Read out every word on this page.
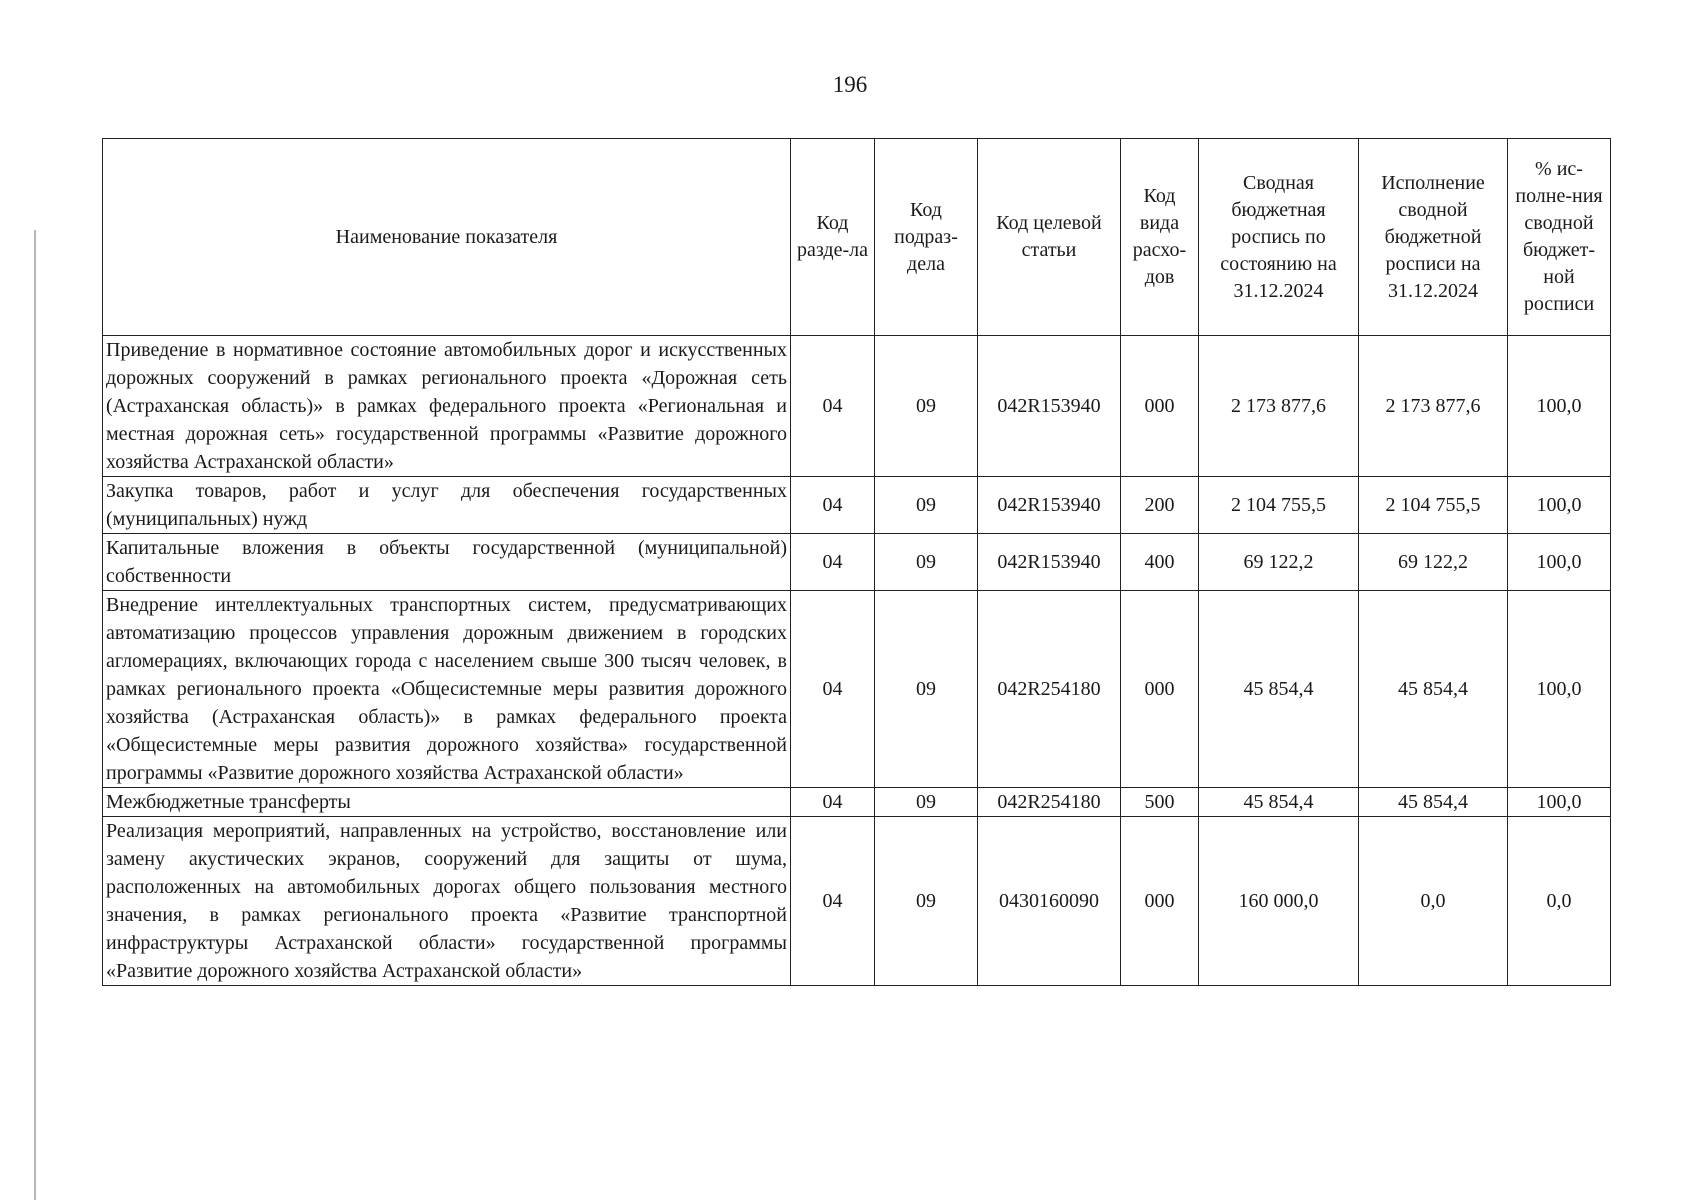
196
Наименование показателя	Код разде-ла	Код подраз-дела	Код целевой статьи	Код вида расхо-дов	Сводная бюджетная роспись по состоянию на 31.12.2024	Исполнение сводной бюджетной росписи на 31.12.2024	% ис-полне-ния сводной бюджет-ной росписи
Приведение в нормативное состояние автомобильных дорог и искусственных дорожных сооружений в рамках регионального проекта «Дорожная сеть (Астраханская область)» в рамках федерального проекта «Региональная и местная дорожная сеть» государственной программы «Развитие дорожного хозяйства Астраханской области»	04	09	042R153940	000	2 173 877,6	2 173 877,6	100,0
Закупка товаров, работ и услуг для обеспечения государственных (муниципальных) нужд	04	09	042R153940	200	2 104 755,5	2 104 755,5	100,0
Капитальные вложения в объекты государственной (муниципальной) собственности	04	09	042R153940	400	69 122,2	69 122,2	100,0
Внедрение интеллектуальных транспортных систем, предусматривающих автоматизацию процессов управления дорожным движением в городских агломерациях, включающих города с населением свыше 300 тысяч человек, в рамках регионального проекта «Общесистемные меры развития дорожного хозяйства (Астраханская область)» в рамках федерального проекта «Общесистемные меры развития дорожного хозяйства» государственной программы «Развитие дорожного хозяйства Астраханской области»	04	09	042R254180	000	45 854,4	45 854,4	100,0
Межбюджетные трансферты	04	09	042R254180	500	45 854,4	45 854,4	100,0
Реализация мероприятий, направленных на устройство, восстановление или замену акустических экранов, сооружений для защиты от шума, расположенных на автомобильных дорогах общего пользования местного значения, в рамках регионального проекта «Развитие транспортной инфраструктуры Астраханской области» государственной программы «Развитие дорожного хозяйства Астраханской области»	04	09	0430160090	000	160 000,0	0,0	0,0
